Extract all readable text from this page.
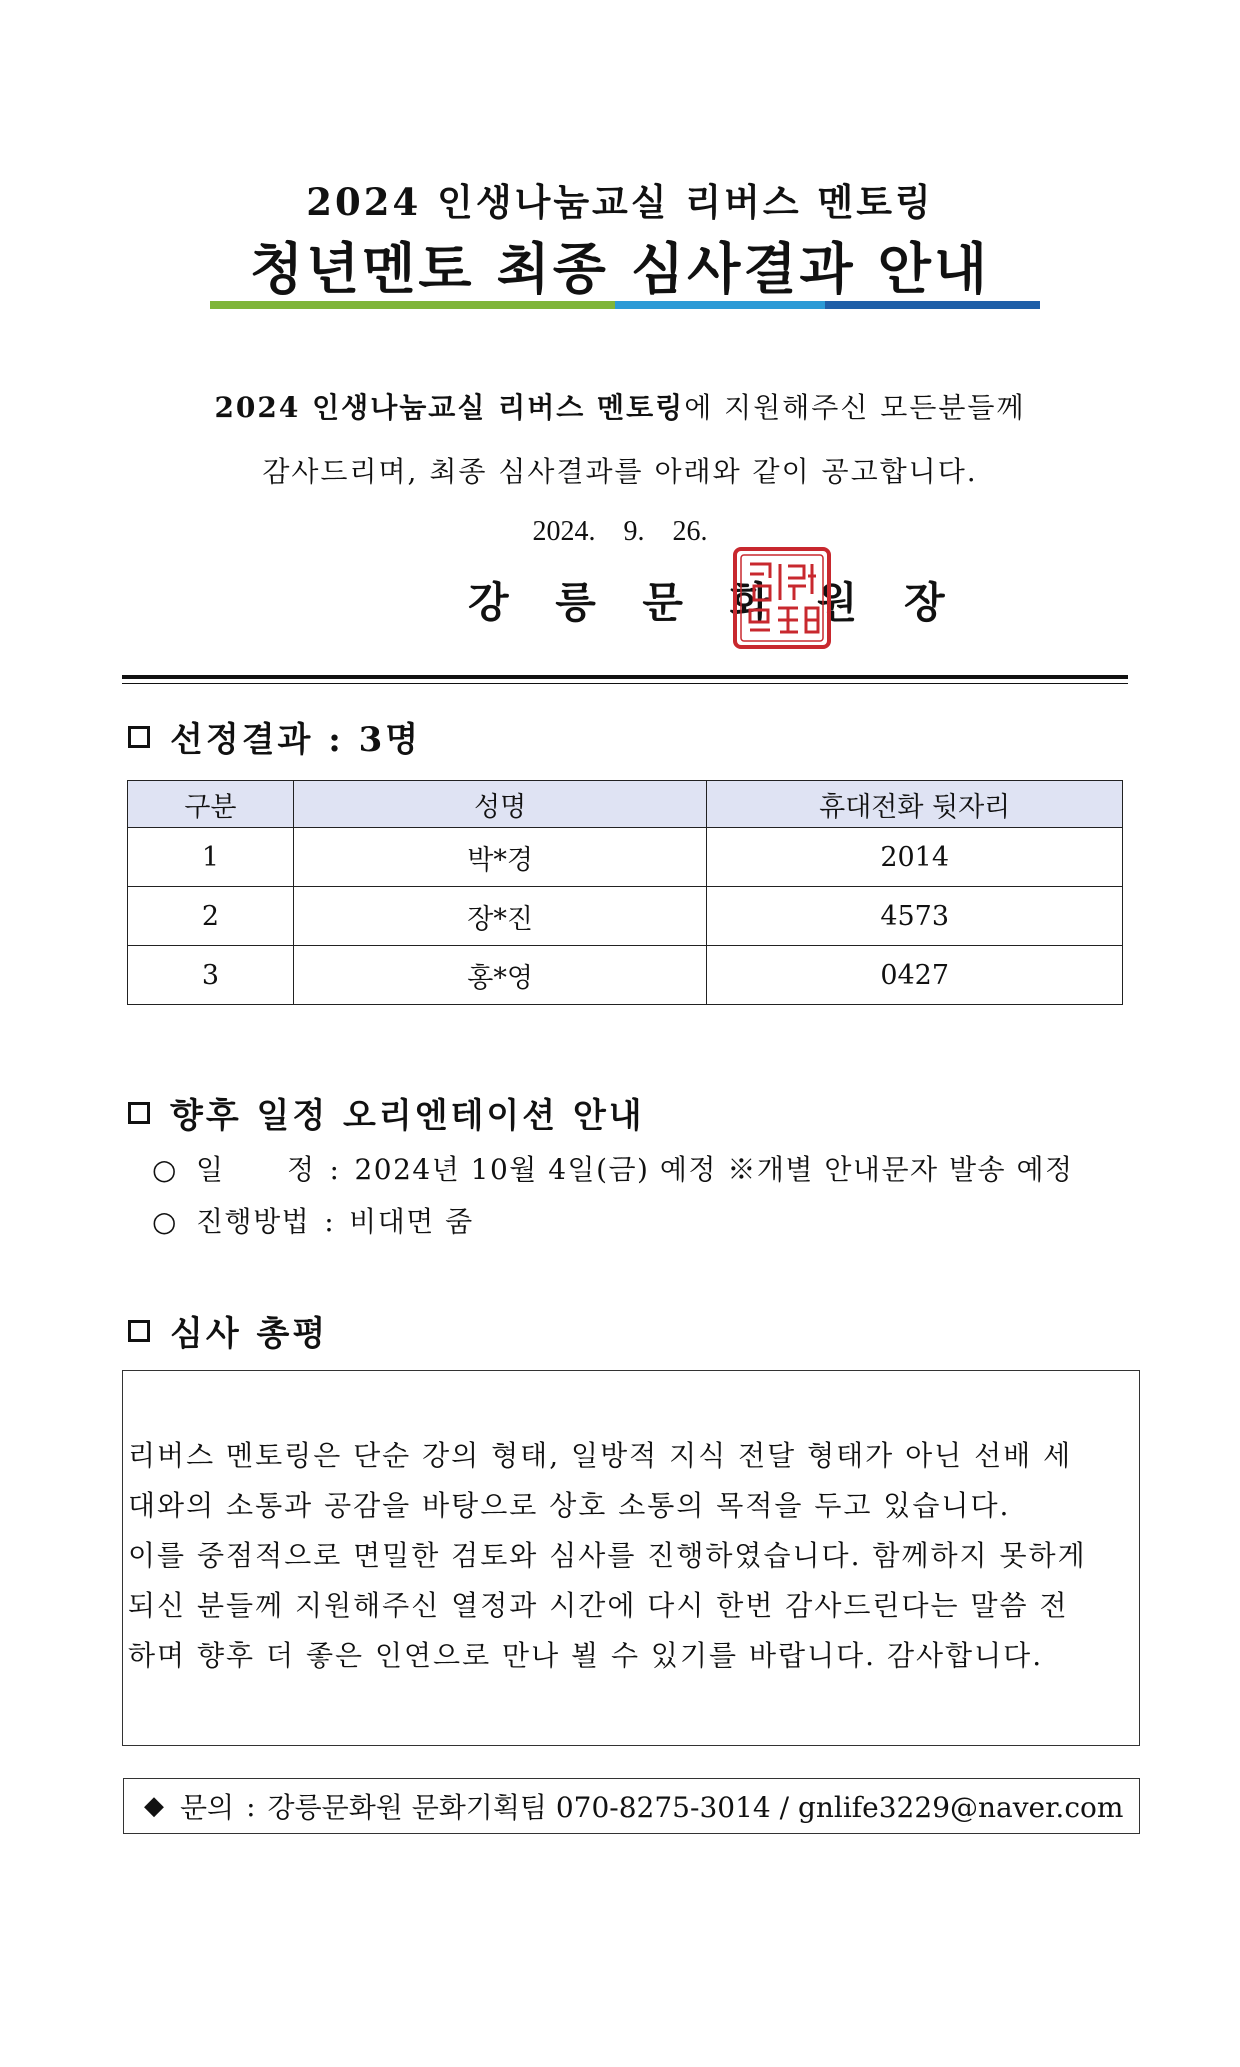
2024 인생나눔교실 리버스 멘토링
청년멘토 최종 심사결과 안내
2024 인생나눔교실 리버스 멘토링에 지원해주신 모든분들께
감사드리며, 최종 심사결과를 아래와 같이 공고합니다.
2024. 9. 26.
강 릉 문 화 원 장
선정결과 : 3명
구분	성명	휴대전화 뒷자리
1	박*경	2014
2	장*진	4573
3	홍*영	0427
향후 일정 오리엔테이션 안내
○ 일      정 : 2024년 10월 4일(금) 예정 ※개별 안내문자 발송 예정
○ 진행방법 : 비대면 줌
심사 총평
리버스 멘토링은 단순 강의 형태, 일방적 지식 전달 형태가 아닌 선배 세
대와의 소통과 공감을 바탕으로 상호 소통의 목적을 두고 있습니다.
이를 중점적으로 면밀한 검토와 심사를 진행하였습니다. 함께하지 못하게
되신 분들께 지원해주신 열정과 시간에 다시 한번 감사드린다는 말씀 전
하며 향후 더 좋은 인연으로 만나 뵐 수 있기를 바랍니다. 감사합니다.
◆ 문의 : 강릉문화원 문화기획팀 070-8275-3014 / gnlife3229@naver.com
